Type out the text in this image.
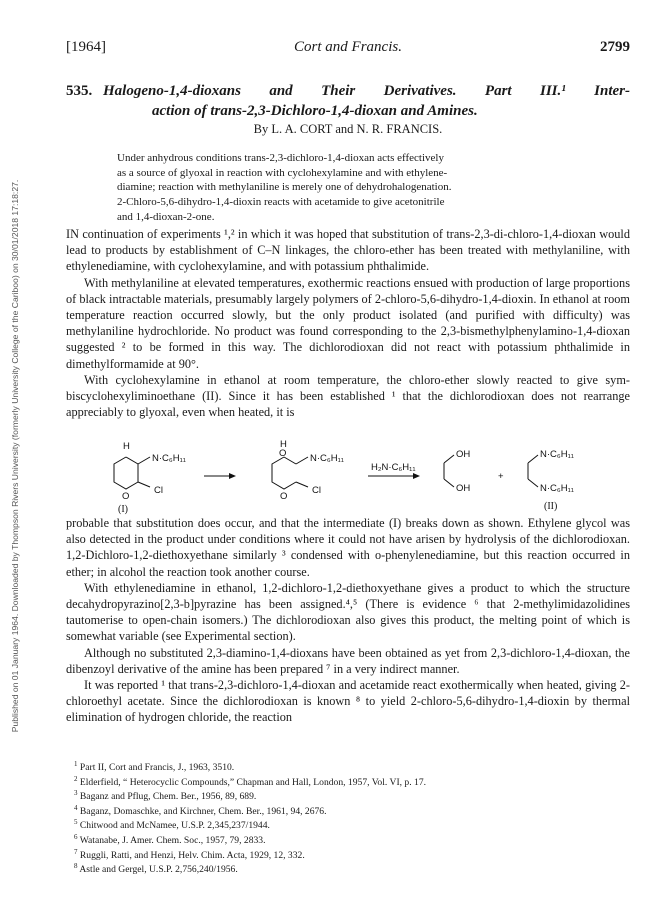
Published on 01 January 1964. Downloaded by Thompson Rivers University (formerly University College of the Cariboo) on 30/01/2018 17:18:27.
[1964]	Cort and Francis.	2799
535. Halogeno-1,4-dioxans and Their Derivatives. Part III.¹ Inter-
action of trans-2,3-Dichloro-1,4-dioxan and Amines.
By L. A. CORT and N. R. FRANCIS.

Under anhydrous conditions trans-2,3-dichloro-1,4-dioxan acts effectively

as a source of glyoxal in reaction with cyclohexylamine and with ethylene-

diamine; reaction with methylaniline is merely one of dehydrohalogenation.

2-Chloro-5,6-dihydro-1,4-dioxin reacts with acetamide to give acetonitrile

and 1,4-dioxan-2-one.

IN continuation of experiments ¹,² in which it was hoped that substitution of trans-2,3-di-chloro-1,4-dioxan would lead to products by establishment of C–N linkages, the chloro-ether has been treated with methylaniline, with ethylenediamine, with cyclohexylamine, and with potassium phthalimide.

With methylaniline at elevated temperatures, exothermic reactions ensued with production of large proportions of black intractable materials, presumably largely polymers of 2-chloro-5,6-dihydro-1,4-dioxin. In ethanol at room temperature reaction occurred slowly, but the only product isolated (and purified with difficulty) was methylaniline hydrochloride. No product was found corresponding to the 2,3-bismethylphenylamino-1,4-dioxan suggested ² to be formed in this way. The dichlorodioxan did not react with potassium phthalimide in dimethylformamide at 90°.

With cyclohexylamine in ethanol at room temperature, the chloro-ether slowly reacted to give sym-biscyclohexyliminoethane (II). Since it has been established ¹ that the dichlorodioxan does not rearrange appreciably to glyoxal, even when heated, it is

H
N·C₆H₁₁
Cl
O
(I)
H
O N·C₆H₁₁
Cl
O
H₂N·C₆H₁₁
OH
OH
+
N·C₆H₁₁
N·C₆H₁₁
(II)

probable that substitution does occur, and that the intermediate (I) breaks down as shown. Ethylene glycol was also detected in the product under conditions where it could not have arisen by hydrolysis of the dichlorodioxan. 1,2-Dichloro-1,2-diethoxyethane similarly ³ condensed with o-phenylenediamine, but this reaction occurred in ether; in alcohol the reaction took another course.

With ethylenediamine in ethanol, 1,2-dichloro-1,2-diethoxyethane gives a product to which the structure decahydropyrazino[2,3-b]pyrazine has been assigned.⁴,⁵ (There is evidence ⁶ that 2-methylimidazolidines tautomerise to open-chain isomers.) The dichlorodioxan also gives this product, the melting point of which is somewhat variable (see Experimental section).

Although no substituted 2,3-diamino-1,4-dioxans have been obtained as yet from 2,3-dichloro-1,4-dioxan, the dibenzoyl derivative of the amine has been prepared ⁷ in a very indirect manner.

It was reported ¹ that trans-2,3-dichloro-1,4-dioxan and acetamide react exothermically when heated, giving 2-chloroethyl acetate. Since the dichlorodioxan is known ⁸ to yield 2-chloro-5,6-dihydro-1,4-dioxin by thermal elimination of hydrogen chloride, the reaction

$^1$ Part II, Cort and Francis, J., 1963, 3510.
$^2$ Elderfield, “ Heterocyclic Compounds,” Chapman and Hall, London, 1957, Vol. VI, p. 17.
$^3$ Baganz and Pflug, Chem. Ber., 1956, 89, 689.
$^4$ Baganz, Domaschke, and Kirchner, Chem. Ber., 1961, 94, 2676.
$^5$ Chitwood and McNamee, U.S.P. 2,345,237/1944.
$^6$ Watanabe, J. Amer. Chem. Soc., 1957, 79, 2833.
$^7$ Ruggli, Ratti, and Henzi, Helv. Chim. Acta, 1929, 12, 332.
$^8$ Astle and Gergel, U.S.P. 2,756,240/1956.
